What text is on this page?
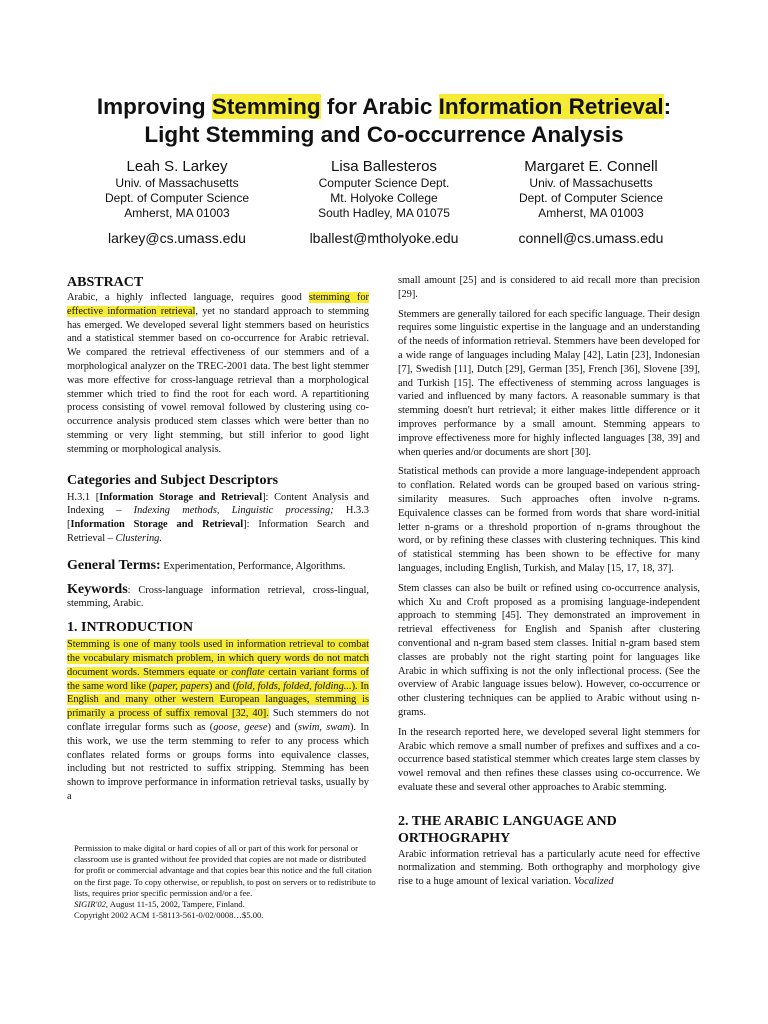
Improving Stemming for Arabic Information Retrieval:
Light Stemming and Co-occurrence Analysis
Leah S. Larkey
Univ. of Massachusetts
Dept. of Computer Science
Amherst, MA 01003
larkey@cs.umass.edu
Lisa Ballesteros
Computer Science Dept.
Mt. Holyoke College
South Hadley, MA 01075
lballest@mtholyoke.edu
Margaret E. Connell
Univ. of Massachusetts
Dept. of Computer Science
Amherst, MA 01003
connell@cs.umass.edu
ABSTRACT

Arabic, a highly inflected language, requires good stemming for effective information retrieval, yet no standard approach to stemming has emerged. We developed several light stemmers based on heuristics and a statistical stemmer based on co-occurrence for Arabic retrieval. We compared the retrieval effectiveness of our stemmers and of a morphological analyzer on the TREC-2001 data. The best light stemmer was more effective for cross-language retrieval than a morphological stemmer which tried to find the root for each word. A repartitioning process consisting of vowel removal followed by clustering using co-occurrence analysis produced stem classes which were better than no stemming or very light stemming, but still inferior to good light stemming or morphological analysis.

Categories and Subject Descriptors

H.3.1 [Information Storage and Retrieval]: Content Analysis and Indexing – Indexing methods, Linguistic processing; H.3.3 [Information Storage and Retrieval]: Information Search and Retrieval – Clustering.

General Terms: Experimentation, Performance, Algorithms.

Keywords: Cross-language information retrieval, cross-lingual, stemming, Arabic.

1. INTRODUCTION

Stemming is one of many tools used in information retrieval to combat the vocabulary mismatch problem, in which query words do not match document words. Stemmers equate or conflate certain variant forms of the same word like (paper, papers) and (fold, folds, folded, folding...). In English and many other western European languages, stemming is primarily a process of suffix removal [32, 40]. Such stemmers do not conflate irregular forms such as (goose, geese) and (swim, swam). In this work, we use the term stemming to refer to any process which conflates related forms or groups forms into equivalence classes, including but not restricted to suffix stripping. Stemming has been shown to improve performance in information retrieval tasks, usually by a

Permission to make digital or hard copies of all or part of this work for personal or classroom use is granted without fee provided that copies are not made or distributed for profit or commercial advantage and that copies bear this notice and the full citation on the first page. To copy otherwise, or republish, to post on servers or to redistribute to lists, requires prior specific permission and/or a fee.

SIGIR'02, August 11-15, 2002, Tampere, Finland.

Copyright 2002 ACM 1-58113-561-0/02/0008…$5.00.

small amount [25] and is considered to aid recall more than precision [29].

Stemmers are generally tailored for each specific language. Their design requires some linguistic expertise in the language and an understanding of the needs of information retrieval. Stemmers have been developed for a wide range of languages including Malay [42], Latin [23], Indonesian [7], Swedish [11], Dutch [29], German [35], French [36], Slovene [39], and Turkish [15]. The effectiveness of stemming across languages is varied and influenced by many factors. A reasonable summary is that stemming doesn't hurt retrieval; it either makes little difference or it improves performance by a small amount. Stemming appears to improve effectiveness more for highly inflected languages [38, 39] and when queries and/or documents are short [30].

Statistical methods can provide a more language-independent approach to conflation. Related words can be grouped based on various string-similarity measures. Such approaches often involve n-grams. Equivalence classes can be formed from words that share word-initial letter n-grams or a threshold proportion of n-grams throughout the word, or by refining these classes with clustering techniques. This kind of statistical stemming has been shown to be effective for many languages, including English, Turkish, and Malay [15, 17, 18, 37].

Stem classes can also be built or refined using co-occurrence analysis, which Xu and Croft proposed as a promising language-independent approach to stemming [45]. They demonstrated an improvement in retrieval effectiveness for English and Spanish after clustering conventional and n-gram based stem classes. Initial n-gram based stem classes are probably not the right starting point for languages like Arabic in which suffixing is not the only inflectional process. (See the overview of Arabic language issues below). However, co-occurrence or other clustering techniques can be applied to Arabic without using n-grams.

In the research reported here, we developed several light stemmers for Arabic which remove a small number of prefixes and suffixes and a co-occurrence based statistical stemmer which creates large stem classes by vowel removal and then refines these classes using co-occurrence. We evaluate these and several other approaches to Arabic stemming.

2. THE ARABIC LANGUAGE AND
ORTHOGRAPHY

Arabic information retrieval has a particularly acute need for effective normalization and stemming. Both orthography and morphology give rise to a huge amount of lexical variation. Vocalized
